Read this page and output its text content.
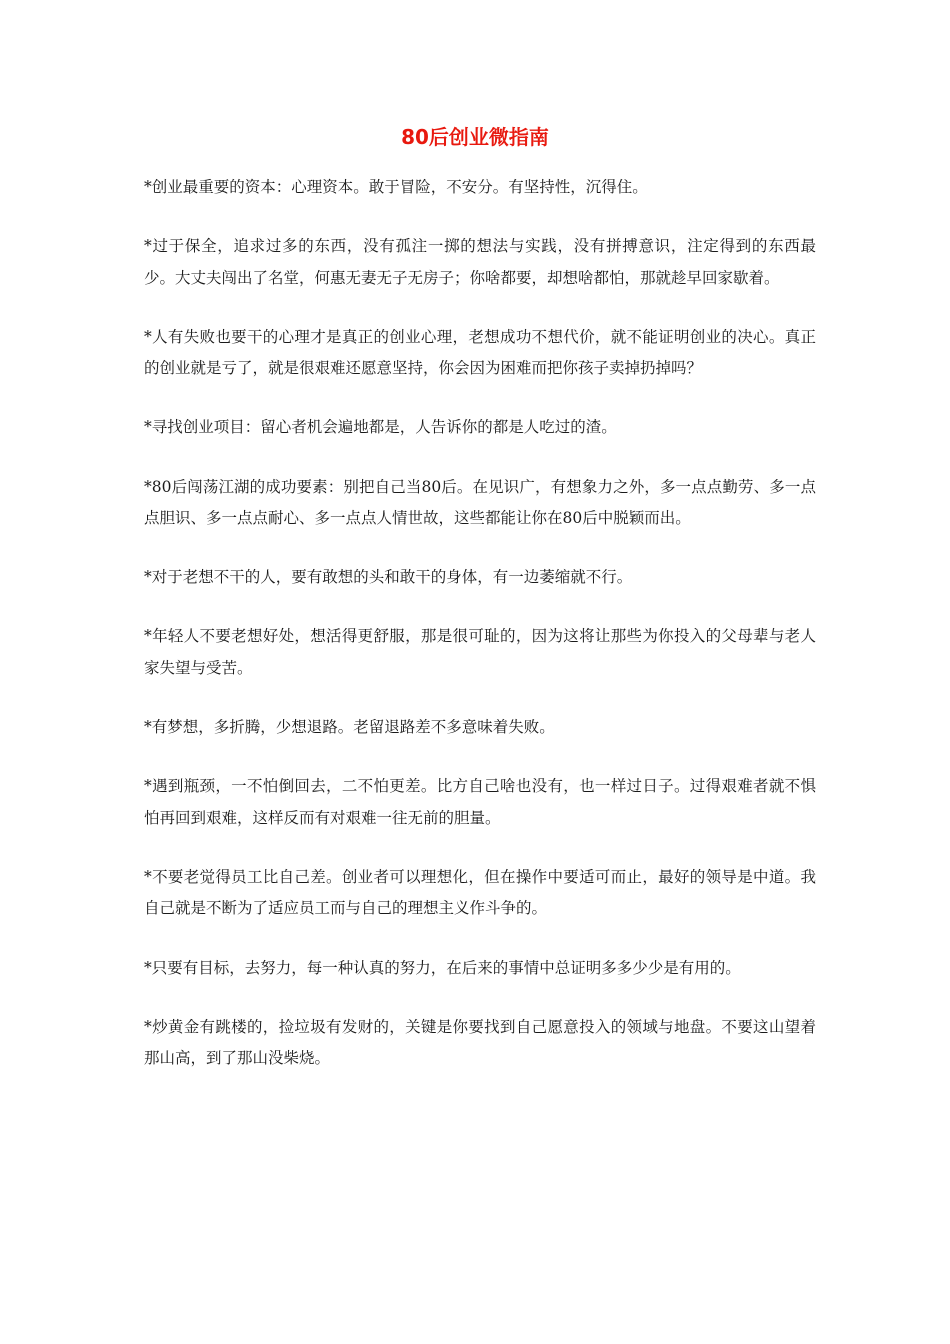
80后创业微指南

*创业最重要的资本：心理资本。敢于冒险，不安分。有坚持性，沉得住。

*过于保全，追求过多的东西，没有孤注一掷的想法与实践，没有拼搏意识，注定得到的东西最少。大丈夫闯出了名堂，何惠无妻无子无房子；你啥都要，却想啥都怕，那就趁早回家歇着。

*人有失败也要干的心理才是真正的创业心理，老想成功不想代价，就不能证明创业的决心。真正的创业就是亏了，就是很艰难还愿意坚持，你会因为困难而把你孩子卖掉扔掉吗？

*寻找创业项目：留心者机会遍地都是，人告诉你的都是人吃过的渣。

*80后闯荡江湖的成功要素：别把自己当80后。在见识广，有想象力之外，多一点点勤劳、多一点点胆识、多一点点耐心、多一点点人情世故，这些都能让你在80后中脱颖而出。

*对于老想不干的人，要有敢想的头和敢干的身体，有一边萎缩就不行。

*年轻人不要老想好处，想活得更舒服，那是很可耻的，因为这将让那些为你投入的父母辈与老人家失望与受苦。

*有梦想，多折腾，少想退路。老留退路差不多意味着失败。

*遇到瓶颈，一不怕倒回去，二不怕更差。比方自己啥也没有，也一样过日子。过得艰难者就不惧怕再回到艰难，这样反而有对艰难一往无前的胆量。

*不要老觉得员工比自己差。创业者可以理想化，但在操作中要适可而止，最好的领导是中道。我自己就是不断为了适应员工而与自己的理想主义作斗争的。

*只要有目标，去努力，每一种认真的努力，在后来的事情中总证明多多少少是有用的。

*炒黄金有跳楼的，捡垃圾有发财的，关键是你要找到自己愿意投入的领域与地盘。不要这山望着那山高，到了那山没柴烧。
